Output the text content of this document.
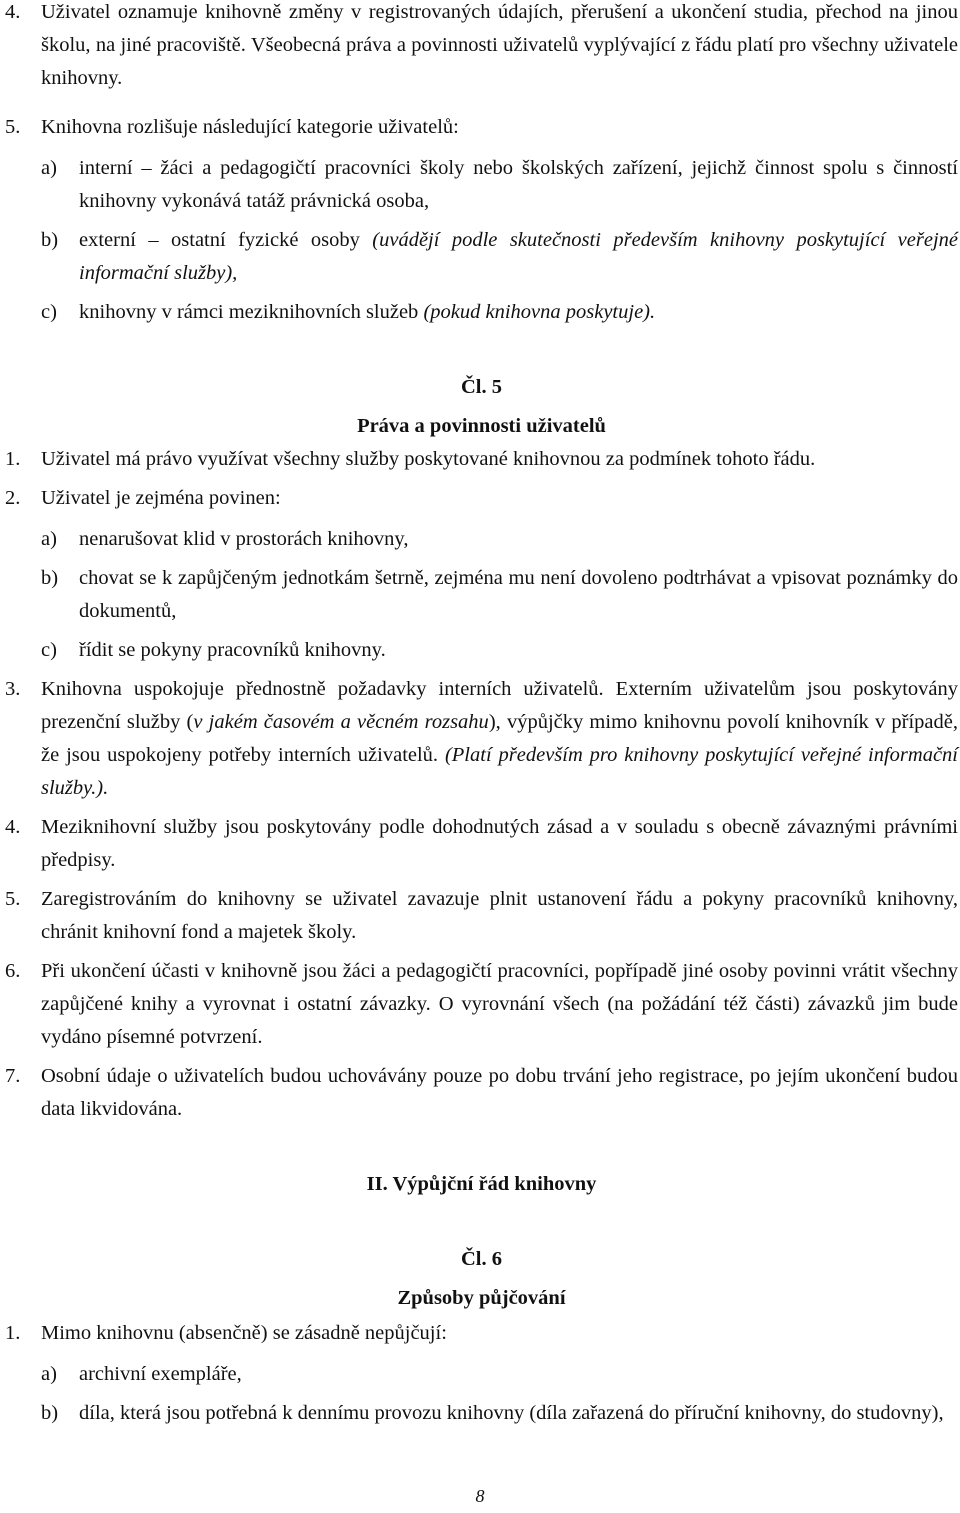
4. Uživatel oznamuje knihovně změny v registrovaných údajích, přerušení a ukončení studia, přechod na jinou školu, na jiné pracoviště. Všeobecná práva a povinnosti uživatelů vyplývající z řádu platí pro všechny uživatele knihovny.

5. Knihovna rozlišuje následující kategorie uživatelů:

a) interní – žáci a pedagogičtí pracovníci školy nebo školských zařízení, jejichž činnost spolu s činností knihovny vykonává tatáž právnická osoba,

b) externí – ostatní fyzické osoby (uvádějí podle skutečnosti především knihovny poskytující veřejné informační služby),

c) knihovny v rámci meziknihovních služeb (pokud knihovna poskytuje).

Čl. 5

Práva a povinnosti uživatelů

1. Uživatel má právo využívat všechny služby poskytované knihovnou za podmínek tohoto řádu.

2. Uživatel je zejména povinen:

a) nenarušovat klid v prostorách knihovny,

b) chovat se k zapůjčeným jednotkám šetrně, zejména mu není dovoleno podtrhávat a vpisovat poznámky do dokumentů,

c) řídit se pokyny pracovníků knihovny.

3. Knihovna uspokojuje přednostně požadavky interních uživatelů. Externím uživatelům jsou poskytovány prezenční služby (v jakém časovém a věcném rozsahu), výpůjčky mimo knihovnu povolí knihovník v případě, že jsou uspokojeny potřeby interních uživatelů. (Platí především pro knihovny poskytující veřejné informační služby.).

4. Meziknihovní služby jsou poskytovány podle dohodnutých zásad a v souladu s obecně závaznými právními předpisy.

5. Zaregistrováním do knihovny se uživatel zavazuje plnit ustanovení řádu a pokyny pracovníků knihovny, chránit knihovní fond a majetek školy.

6. Při ukončení účasti v knihovně jsou žáci a pedagogičtí pracovníci, popřípadě jiné osoby povinni vrátit všechny zapůjčené knihy a vyrovnat i ostatní závazky. O vyrovnání všech (na požádání též části) závazků jim bude vydáno písemné potvrzení.

7. Osobní údaje o uživatelích budou uchovávány pouze po dobu trvání jeho registrace, po jejím ukončení budou data likvidována.

II. Výpůjční řád knihovny

Čl. 6

Způsoby půjčování

1. Mimo knihovnu (absenčně) se zásadně nepůjčují:

a) archivní exempláře,

b) díla, která jsou potřebná k dennímu provozu knihovny (díla zařazená do příruční knihovny, do studovny),

8
